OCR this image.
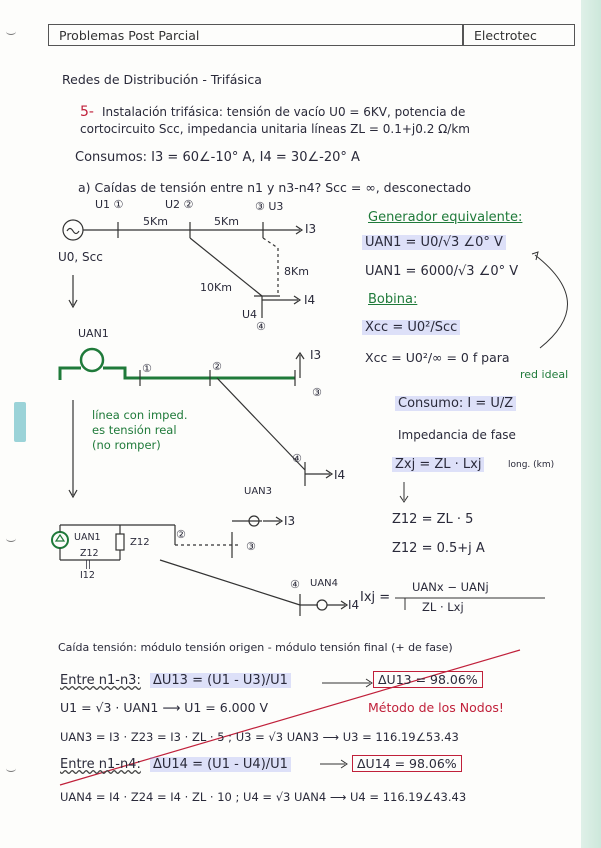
Problemas Post Parcial	Electrotec
Redes de Distribución - Trifásica
5- Instalación trifásica: tensión de vacío U0 = 6KV, potencia de
cortocircuito Scc, impedancia unitaria líneas ZL = 0.1+j0.2 Ω/km
Consumos: I3 = 60∠-10° A, I4 = 30∠-20° A
a) Caídas de tensión entre n1 y n3-n4? Scc = ∞, desconectado
U1 ①	U2 ②	③ U3
5Km	5Km
I3
8Km
10Km
I4
U4
④
U0, Scc
Generador equivalente:
UAN1 = U0/√3 ∠0° V
UAN1 = 6000/√3 ∠0° V
Bobina:
Xcc = U0²/Scc
Xcc = U0²/∞ = 0 f para
red ideal
UAN1
①	②
③
④
I3
I4
línea con imped.
es tensión real
(no romper)
Consumo: I = U/Z
Impedancia de fase
Zxj = ZL · Lxj	long. (km)
Z12 = ZL · 5
Z12 = 0.5+j A
Ixj =
UANx − UANj
ZL · Lxj
UAN1
Z12
||
I12
Z12
②
③
UAN3
I3
④ UAN4
I4
Caída tensión: módulo tensión origen - módulo tensión final (+ de fase)
Entre n1-n3: ΔU13 = (U1 - U3)/U1	ΔU13 = 98.06%
U1 = √3 · UAN1 ⟶ U1 = 6.000 V	Método de los Nodos!
UAN3 = I3 · Z23 = I3 · ZL · 5 ; U3 = √3 UAN3 ⟶ U3 = 116.19∠53.43
Entre n1-n4: ΔU14 = (U1 - U4)/U1	ΔU14 = 98.06%
UAN4 = I4 · Z24 = I4 · ZL · 10 ; U4 = √3 UAN4 ⟶ U4 = 116.19∠43.43
